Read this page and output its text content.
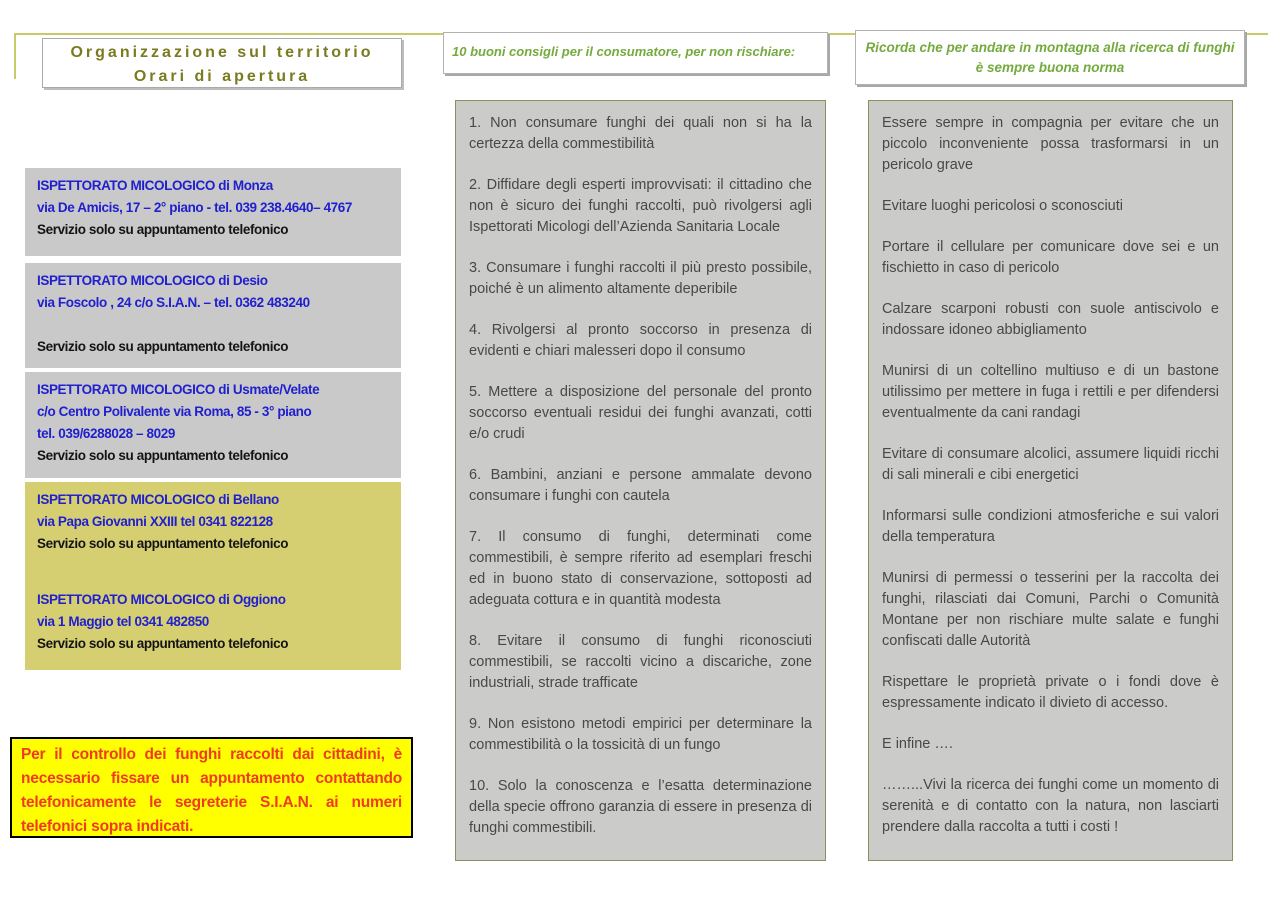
Organizzazione sul territorio
Orari di apertura
ISPETTORATO MICOLOGICO di Monza
via De Amicis, 17 – 2° piano - tel. 039 238.4640– 4767
Servizio solo su appuntamento telefonico
ISPETTORATO MICOLOGICO di Desio
via Foscolo , 24 c/o S.I.A.N. – tel. 0362 483240
Servizio solo su appuntamento telefonico
ISPETTORATO MICOLOGICO di Usmate/Velate
c/o Centro Polivalente via Roma, 85 - 3° piano
tel. 039/6288028 – 8029
Servizio solo su appuntamento telefonico
ISPETTORATO MICOLOGICO di Bellano
via Papa Giovanni XXIII tel 0341 822128
Servizio solo su appuntamento telefonico
ISPETTORATO MICOLOGICO di Oggiono
via 1 Maggio tel 0341 482850
Servizio solo su appuntamento telefonico

Per il controllo dei funghi raccolti dai cittadini, è necessario fissare un appuntamento contattando telefonicamente le segreterie S.I.A.N. ai numeri telefonici sopra indicati.

10 buoni consigli per il consumatore, per non rischiare:

1. Non consumare funghi dei quali non si ha la certezza della commestibilità

2. Diffidare degli esperti improvvisati: il cittadino che non è sicuro dei funghi raccolti, può rivolgersi agli Ispettorati Micologi dell’Azienda Sanitaria Locale

3. Consumare i funghi raccolti il più presto possibile, poiché è un alimento altamente deperibile

4. Rivolgersi al pronto soccorso in presenza di evidenti e chiari malesseri dopo il consumo

5. Mettere a disposizione del personale del pronto soccorso eventuali residui dei funghi avanzati, cotti e/o crudi

6. Bambini, anziani e persone ammalate devono consumare i funghi con cautela

7. Il consumo di funghi, determinati come commestibili, è sempre riferito ad esemplari freschi ed in buono stato di conservazione, sottoposti ad adeguata cottura e in quantità modesta

8. Evitare il consumo di funghi riconosciuti commestibili, se raccolti vicino a discariche, zone industriali, strade trafficate

9. Non esistono metodi empirici per determinare la commestibilità o la tossicità di un fungo

10. Solo la conoscenza e l’esatta determinazione della specie offrono garanzia di essere in presenza di funghi commestibili.

Ricorda che per andare in montagna alla ricerca di funghi è sempre buona norma

Essere sempre in compagnia per evitare che un piccolo inconveniente possa trasformarsi in un pericolo grave

Evitare luoghi pericolosi o sconosciuti

Portare il cellulare per comunicare dove sei e un fischietto in caso di pericolo

Calzare scarponi robusti con suole antiscivolo e indossare idoneo abbigliamento

Munirsi di un coltellino multiuso e di un bastone utilissimo per mettere in fuga i rettili e per difendersi eventualmente da cani randagi

Evitare di consumare alcolici, assumere liquidi ricchi di sali minerali e cibi energetici

Informarsi sulle condizioni atmosferiche e sui valori della temperatura

Munirsi di permessi o tesserini per la raccolta dei funghi, rilasciati dai Comuni, Parchi o Comunità Montane per non rischiare multe salate e funghi confiscati dalle Autorità

Rispettare le proprietà private o i fondi dove è espressamente indicato il divieto di accesso.

E infine ….

……...Vivi la ricerca dei funghi come un momento di serenità e di contatto con la natura, non lasciarti prendere dalla raccolta a tutti i costi !
